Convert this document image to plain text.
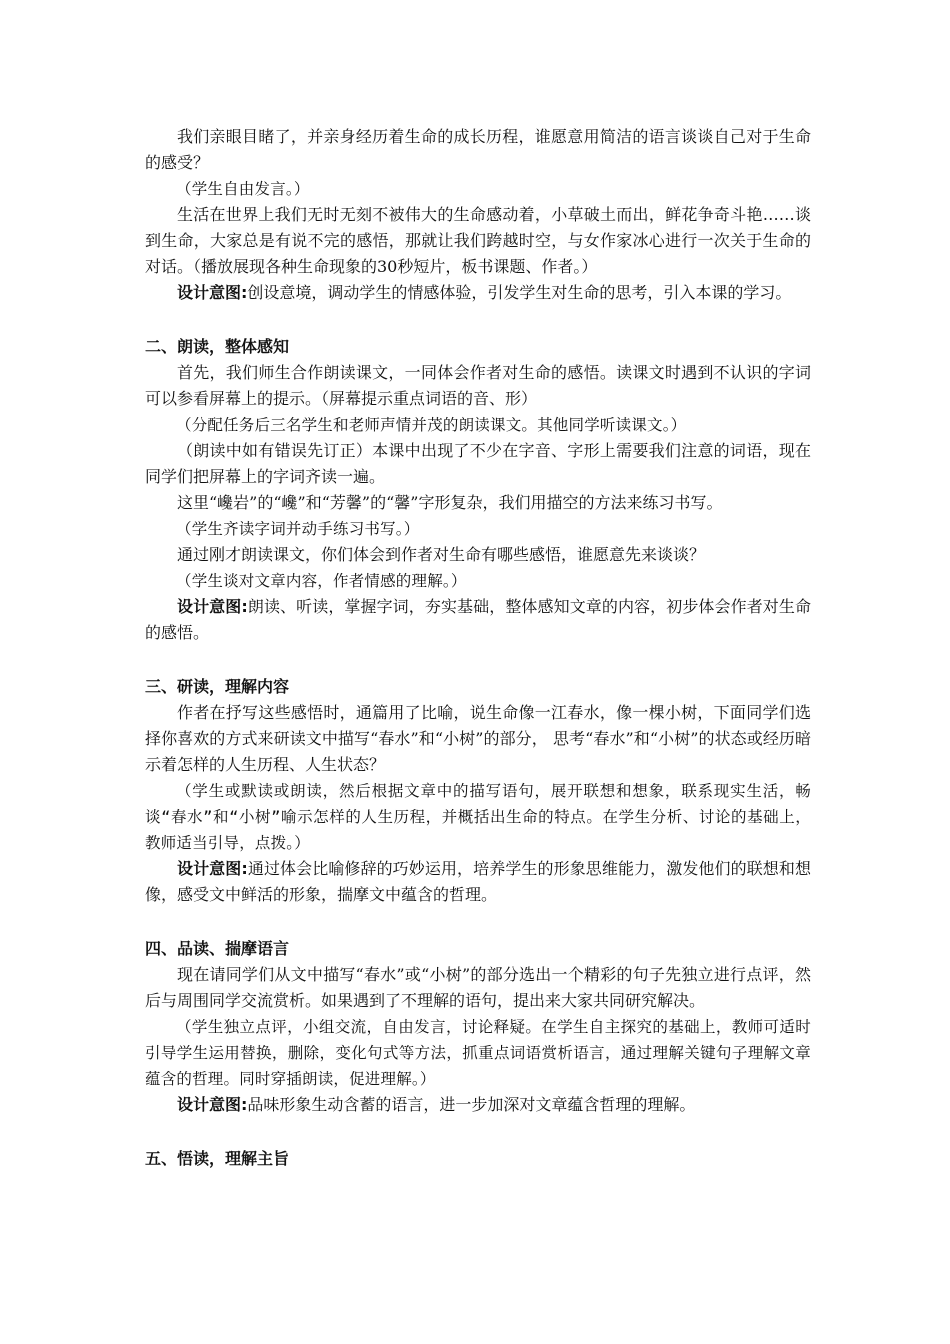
我们亲眼目睹了，并亲身经历着生命的成长历程，谁愿意用简洁的语言谈谈自己对于生命的感受？

（学生自由发言。）

生活在世界上我们无时无刻不被伟大的生命感动着，小草破土而出，鲜花争奇斗艳……谈到生命，大家总是有说不完的感悟，那就让我们跨越时空，与女作家冰心进行一次关于生命的对话。（播放展现各种生命现象的30秒短片，板书课题、作者。）

设计意图:创设意境，调动学生的情感体验，引发学生对生命的思考，引入本课的学习。

二、朗读，整体感知

首先，我们师生合作朗读课文，一同体会作者对生命的感悟。读课文时遇到不认识的字词可以参看屏幕上的提示。（屏幕提示重点词语的音、形）

（分配任务后三名学生和老师声情并茂的朗读课文。其他同学听读课文。）

（朗读中如有错误先订正）本课中出现了不少在字音、字形上需要我们注意的词语，现在同学们把屏幕上的字词齐读一遍。

这里“巉岩”的“巉”和“芳馨”的“馨”字形复杂，我们用描空的方法来练习书写。

（学生齐读字词并动手练习书写。）

通过刚才朗读课文，你们体会到作者对生命有哪些感悟，谁愿意先来谈谈？

（学生谈对文章内容，作者情感的理解。）

设计意图:朗读、听读，掌握字词，夯实基础，整体感知文章的内容，初步体会作者对生命的感悟。

三、研读，理解内容

作者在抒写这些感悟时，通篇用了比喻，说生命像一江春水，像一棵小树，下面同学们选择你喜欢的方式来研读文中描写“春水”和“小树”的部分， 思考“春水”和“小树”的状态或经历暗示着怎样的人生历程、人生状态？

（学生或默读或朗读，然后根据文章中的描写语句，展开联想和想象，联系现实生活，畅谈“春水”和“小树”喻示怎样的人生历程，并概括出生命的特点。在学生分析、讨论的基础上，教师适当引导，点拨。）

设计意图:通过体会比喻修辞的巧妙运用，培养学生的形象思维能力，激发他们的联想和想像，感受文中鲜活的形象，揣摩文中蕴含的哲理。

四、品读、揣摩语言

现在请同学们从文中描写“春水”或“小树”的部分选出一个精彩的句子先独立进行点评，然后与周围同学交流赏析。如果遇到了不理解的语句，提出来大家共同研究解决。

（学生独立点评，小组交流，自由发言，讨论释疑。在学生自主探究的基础上，教师可适时引导学生运用替换，删除，变化句式等方法，抓重点词语赏析语言，通过理解关键句子理解文章蕴含的哲理。同时穿插朗读，促进理解。）

设计意图:品味形象生动含蓄的语言，进一步加深对文章蕴含哲理的理解。

五、悟读，理解主旨
